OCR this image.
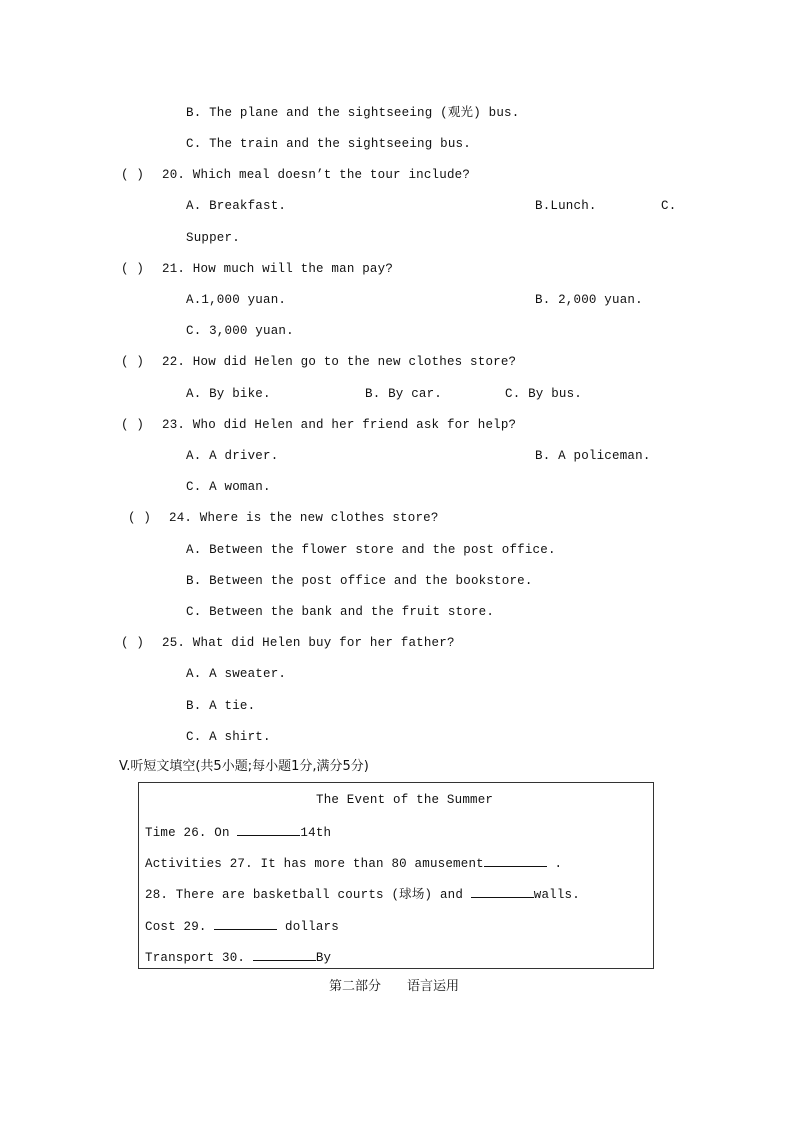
B. The plane and the sightseeing (观光) bus.
C. The train and the sightseeing bus.
( ) 20. Which meal doesn’t the tour include?
A. Breakfast.	B.Lunch.	C.
Supper.
( ) 21. How much will the man pay?
A.1,000 yuan.	B. 2,000 yuan.
C. 3,000 yuan.
( ) 22. How did Helen go to the new clothes store?
A. By bike.	B. By car.	C. By bus.
( ) 23. Who did Helen and her friend ask for help?
A. A driver.	B. A policeman.
C. A woman.
( ) 24. Where is the new clothes store?
A. Between the flower store and the post office.
B. Between the post office and the bookstore.
C. Between the bank and the fruit store.
( ) 25. What did Helen buy for her father?
A. A sweater.
B. A tie.
C. A shirt.
V.听短文填空(共5小题;每小题1分,满分5分)
The Event of the Summer
Time 26. On	14th
Activities 27. It has more than 80 amusement	.
28. There are basketball courts (球场) and	walls.
Cost 29.	dollars
Transport 30.	By
第二部分 语言运用
